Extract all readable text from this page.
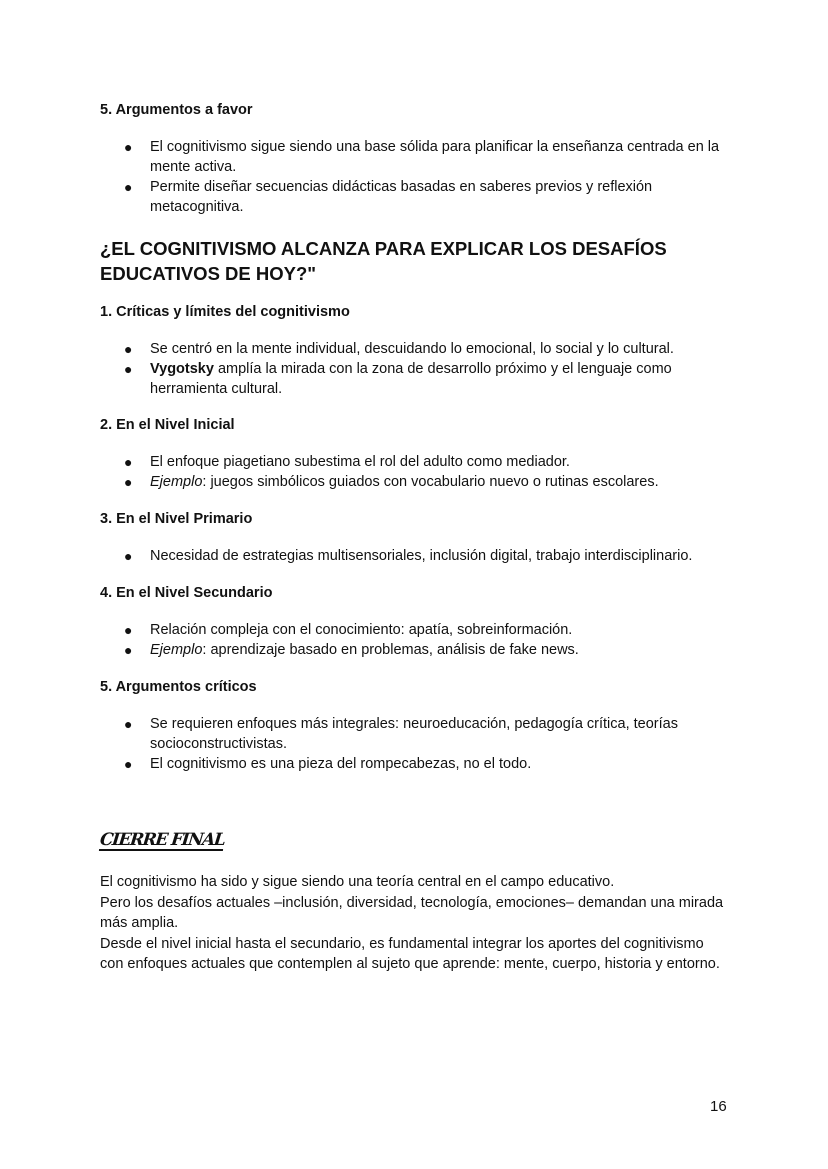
5. Argumentos a favor

● El cognitivismo sigue siendo una base sólida para planificar la enseñanza centrada en la mente activa.
● Permite diseñar secuencias didácticas basadas en saberes previos y reflexión metacognitiva.
¿EL COGNITIVISMO ALCANZA PARA EXPLICAR LOS DESAFÍOS EDUCATIVOS DE HOY?"

1. Críticas y límites del cognitivismo

● Se centró en la mente individual, descuidando lo emocional, lo social y lo cultural.
● Vygotsky amplía la mirada con la zona de desarrollo próximo y el lenguaje como herramienta cultural.

2. En el Nivel Inicial

● El enfoque piagetiano subestima el rol del adulto como mediador.
● Ejemplo: juegos simbólicos guiados con vocabulario nuevo o rutinas escolares.

3. En el Nivel Primario

● Necesidad de estrategias multisensoriales, inclusión digital, trabajo interdisciplinario.

4. En el Nivel Secundario

● Relación compleja con el conocimiento: apatía, sobreinformación.
● Ejemplo: aprendizaje basado en problemas, análisis de fake news.

5. Argumentos críticos

● Se requieren enfoques más integrales: neuroeducación, pedagogía crítica, teorías socioconstructivistas.
● El cognitivismo es una pieza del rompecabezas, no el todo.
CIERRE FINAL

El cognitivismo ha sido y sigue siendo una teoría central en el campo educativo.
Pero los desafíos actuales –inclusión, diversidad, tecnología, emociones– demandan una mirada más amplia.
Desde el nivel inicial hasta el secundario, es fundamental integrar los aportes del cognitivismo con enfoques actuales que contemplen al sujeto que aprende: mente, cuerpo, historia y entorno.

16
